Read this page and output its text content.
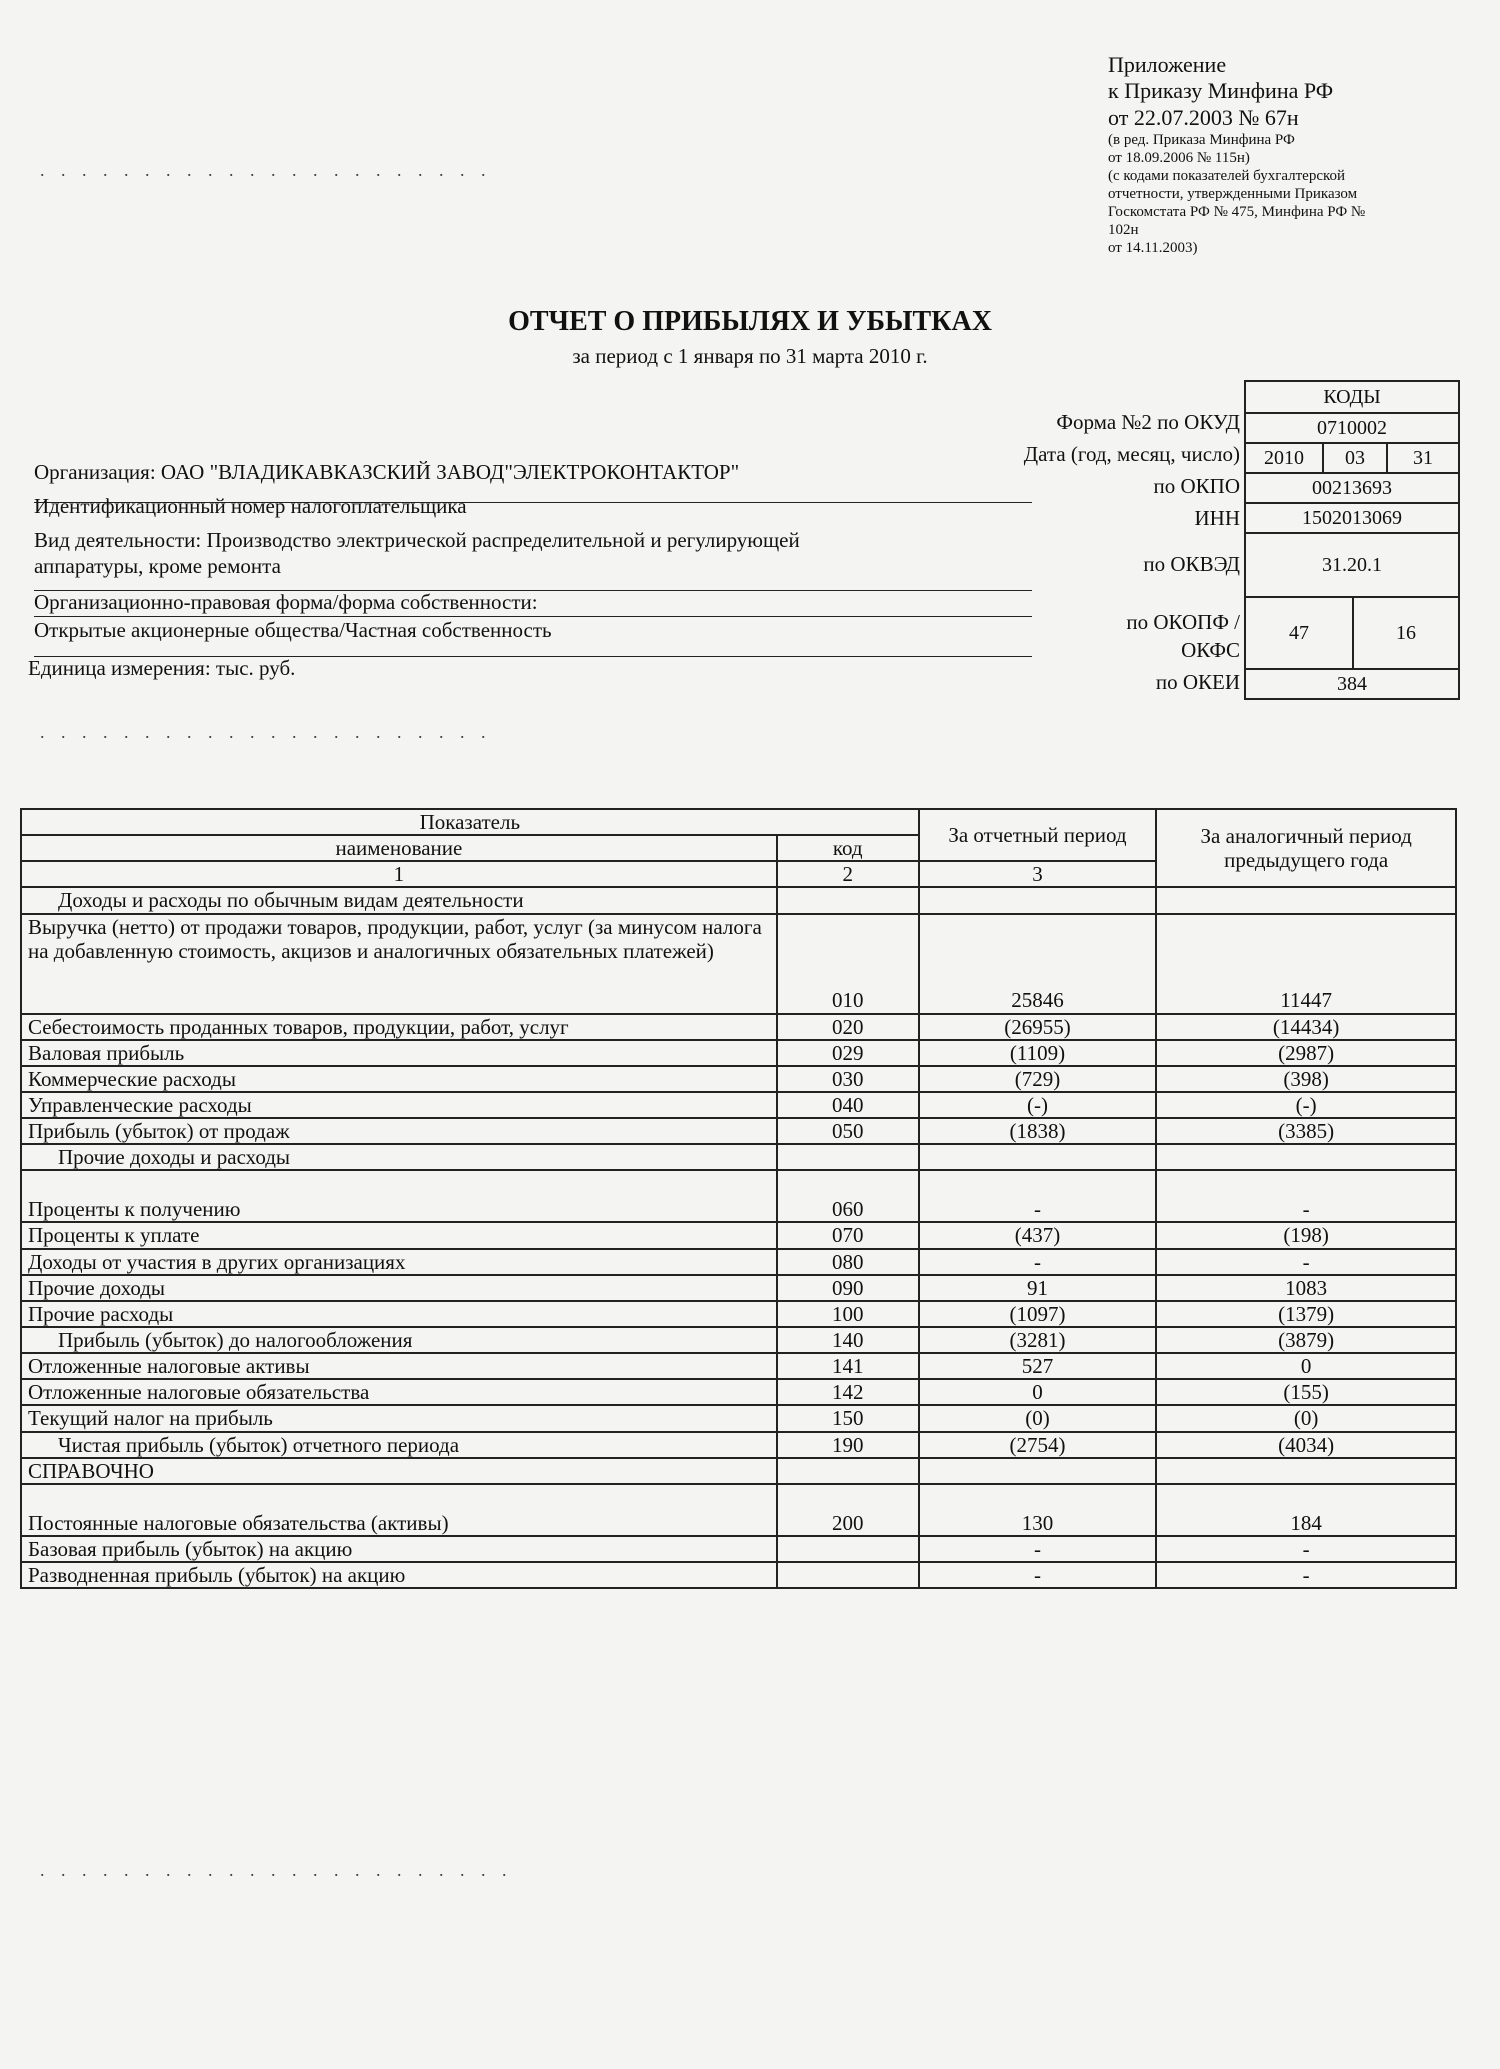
Приложение
к Приказу Минфина РФ
от 22.07.2003 № 67н
(в ред. Приказа Минфина РФ
от 18.09.2006 № 115н)
(с кодами показателей бухгалтерской
отчетности, утвержденными Приказом
Госкомстата РФ № 475, Минфина РФ №
102н
от 14.11.2003)
. . . . . . . . . . . . . . . . . . . . . .
. . . . . . . . . . . . . . . . . . . . . .
. . . . . . . . . . . . . . . . . . . . . . .
ОТЧЕТ О ПРИБЫЛЯХ И УБЫТКАХ
за период с 1 января по 31 марта 2010 г.
КОДЫ
Форма №2 по ОКУД	0710002
Дата (год, месяц, число)	2010	03	31
по ОКПО	00213693
ИНН	1502013069
по ОКВЭД	31.20.1
по ОКОПФ /
ОКФС
47	16
по ОКЕИ	384
Организация: ОАО "ВЛАДИКАВКАЗСКИЙ ЗАВОД"ЭЛЕКТРОКОНТАКТОР"
Идентификационный номер налогоплательщика
Вид деятельности: Производство электрической распределительной и регулирующей
аппаратуры, кроме ремонта
Организационно-правовая форма/форма собственности:
Открытые акционерные общества/Частная собственность
Единица измерения: тыс. руб.
Показатель		За отчетный период	За аналогичный период предыдущего года
наименование	код		
1	2	3	
Доходы и расходы по обычным видам деятельности			
Выручка (нетто) от продажи товаров, продукции, работ, услуг (за минусом налога на добавленную стоимость, акцизов и аналогичных обязательных платежей)	010	25846	11447
Себестоимость проданных товаров, продукции, работ, услуг	020	(26955)	(14434)
Валовая прибыль	029	(1109)	(2987)
Коммерческие расходы	030	(729)	(398)
Управленческие расходы	040	(-)	(-)
Прибыль (убыток) от продаж	050	(1838)	(3385)
Прочие доходы и расходы			
Проценты к получению	060	-	-
Проценты к уплате	070	(437)	(198)
Доходы от участия в других организациях	080	-	-
Прочие доходы	090	91	1083
Прочие расходы	100	(1097)	(1379)
Прибыль (убыток) до налогообложения	140	(3281)	(3879)
Отложенные налоговые активы	141	527	0
Отложенные налоговые обязательства	142	0	(155)
Текущий налог на прибыль	150	(0)	(0)
Чистая прибыль (убыток) отчетного периода	190	(2754)	(4034)
СПРАВОЧНО			
Постоянные налоговые обязательства (активы)	200	130	184
Базовая прибыль (убыток) на акцию		-	-
Разводненная прибыль (убыток) на акцию		-	-
